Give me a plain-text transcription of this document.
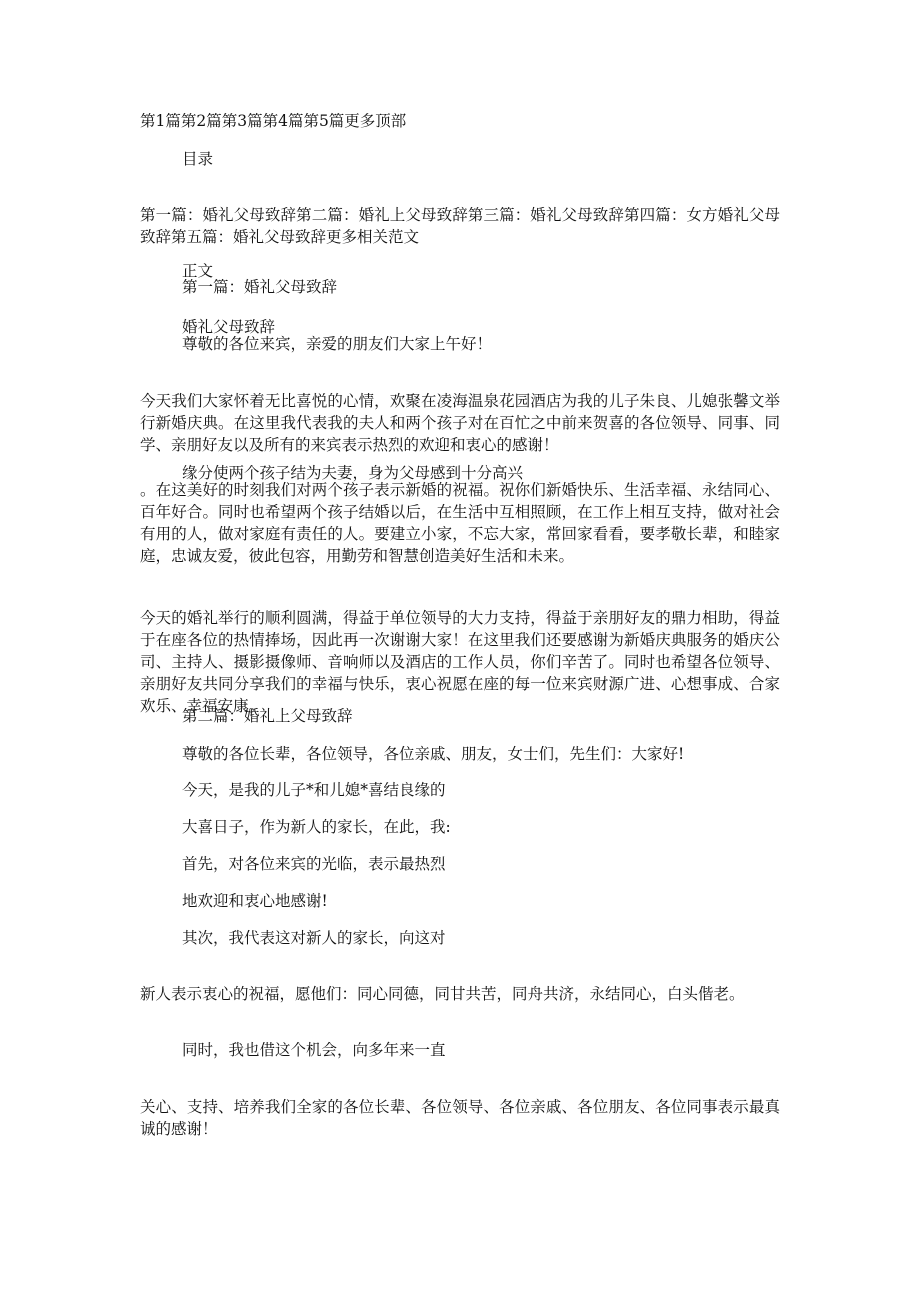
第1篇第2篇第3篇第4篇第5篇更多顶部
目录
第一篇：婚礼父母致辞第二篇：婚礼上父母致辞第三篇：婚礼父母致辞第四篇：女方婚礼父母致辞第五篇：婚礼父母致辞更多相关范文
正文
第一篇：婚礼父母致辞
婚礼父母致辞
尊敬的各位来宾，亲爱的朋友们大家上午好！
今天我们大家怀着无比喜悦的心情，欢聚在凌海温泉花园酒店为我的儿子朱良、儿媳张馨文举行新婚庆典。在这里我代表我的夫人和两个孩子对在百忙之中前来贺喜的各位领导、同事、同学、亲朋好友以及所有的来宾表示热烈的欢迎和衷心的感谢！
缘分使两个孩子结为夫妻，身为父母感到十分高兴
。在这美好的时刻我们对两个孩子表示新婚的祝福。祝你们新婚快乐、生活幸福、永结同心、百年好合。同时也希望两个孩子结婚以后，在生活中互相照顾，在工作上相互支持，做对社会有用的人，做对家庭有责任的人。要建立小家，不忘大家，常回家看看，要孝敬长辈，和睦家庭，忠诚友爱，彼此包容，用勤劳和智慧创造美好生活和未来。
今天的婚礼举行的顺利圆满，得益于单位领导的大力支持，得益于亲朋好友的鼎力相助，得益于在座各位的热情捧场，因此再一次谢谢大家！在这里我们还要感谢为新婚庆典服务的婚庆公司、主持人、摄影摄像师、音响师以及酒店的工作人员，你们辛苦了。同时也希望各位领导、亲朋好友共同分享我们的幸福与快乐，衷心祝愿在座的每一位来宾财源广进、心想事成、合家欢乐、幸福安康。
第二篇：婚礼上父母致辞
尊敬的各位长辈，各位领导，各位亲戚、朋友，女士们，先生们：大家好!
今天，是我的儿子*和儿媳*喜结良缘的
大喜日子，作为新人的家长，在此，我:
首先，对各位来宾的光临，表示最热烈
地欢迎和衷心地感谢!
其次，我代表这对新人的家长，向这对
新人表示衷心的祝福，愿他们：同心同德，同甘共苦，同舟共济，永结同心，白头偕老。
同时，我也借这个机会，向多年来一直
关心、支持、培养我们全家的各位长辈、各位领导、各位亲戚、各位朋友、各位同事表示最真诚的感谢！
